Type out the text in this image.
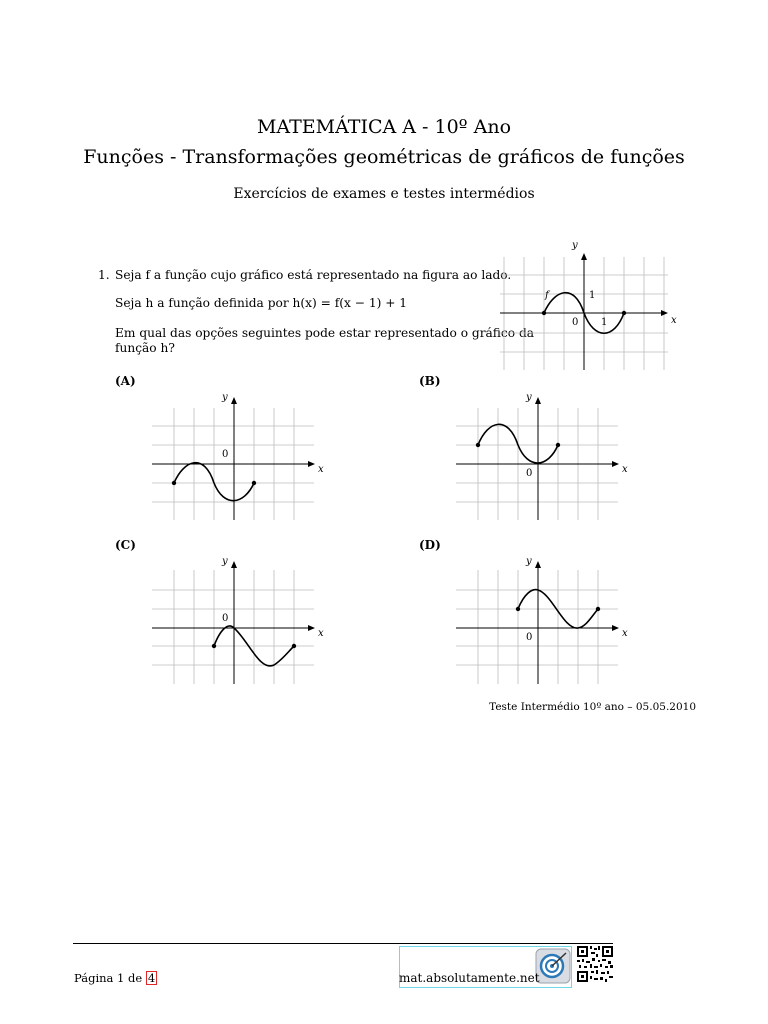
MATEMÁTICA A - 10º Ano
Funções - Transformações geométricas de gráficos de funções
Exercícios de exames e testes intermédios
1. Seja f a função cujo gráfico está representado na figura ao lado.
Seja h a função definida por h(x) = f(x − 1) + 1
Em qual das opções seguintes pode estar representado o gráfico da
função h?
x
y
f
0 1
1
x
y
0
x
y
0
x
y
0
x
y
0
(A)	(B)
(C)	(D)
Teste Intermédio 10º ano – 05.05.2010
Página 1 de 4	mat.absolutamente.net
